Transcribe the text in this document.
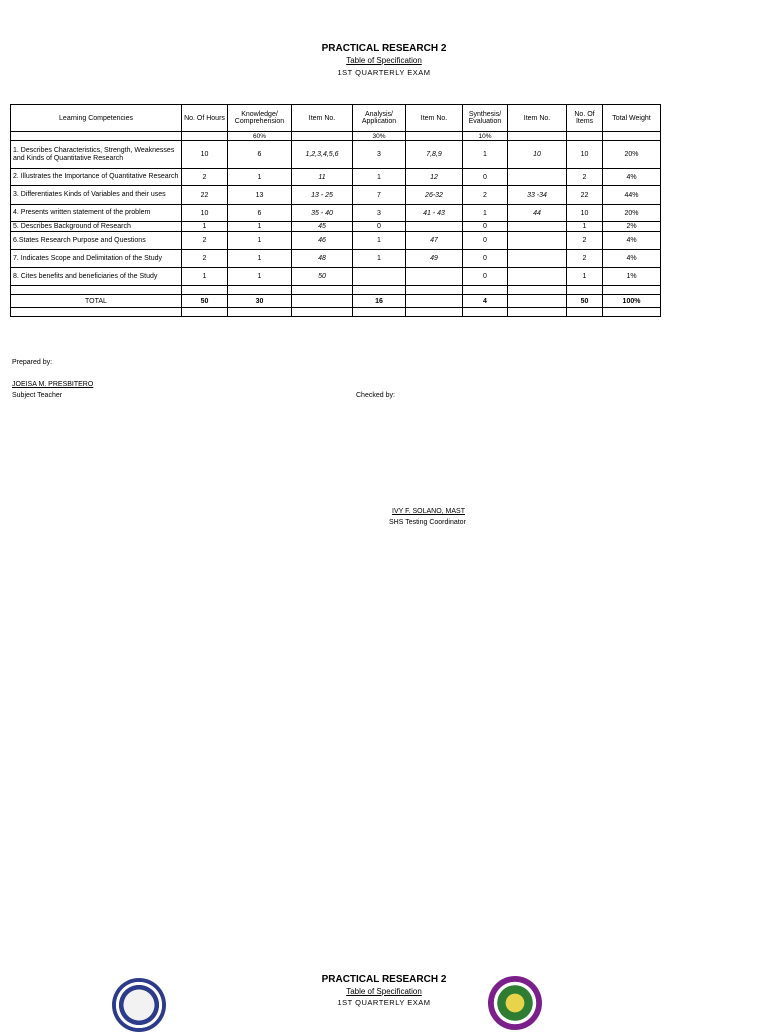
PRACTICAL RESEARCH 2
Table of Specification
1ST QUARTERLY EXAM
Learning Competencies	No. Of Hours	Knowledge/ Comprehension	Item No.	Analysis/ Application	Item No.	Synthesis/ Evaluation	Item No.	No. Of Items	Total Weight
		60%		30%		10%			
1. Describes Characteristics, Strength, Weaknesses and Kinds of Quantitative Research	10	6	1,2,3,4,5,6	3	7,8,9	1	10	10	20%
2. Illustrates the Importance of Quantitative Research	2	1	11	1	12	0		2	4%
3. Differentiates Kinds of Variables and their uses	22	13	13 - 25	7	26-32	2	33 -34	22	44%
4. Presents written statement of the problem	10	6	35 - 40	3	41 - 43	1	44	10	20%
5. Describes Background of Research	1	1	45	0		0		1	2%
6.States Research Purpose and Questions	2	1	46	1	47	0		2	4%
7. Indicates Scope and Delimitation of the Study	2	1	48	1	49	0		2	4%
8. Cites benefits and beneficiaries of the Study	1	1	50			0		1	1%

TOTAL	50	30		16		4		50	100%

Prepared by:
JOEISA M. PRESBITERO
Subject Teacher	Checked by:
IVY F. SOLANO, MAST
SHS Testing Coordinator
PRACTICAL RESEARCH 2
Table of Specification
1ST QUARTERLY EXAM
